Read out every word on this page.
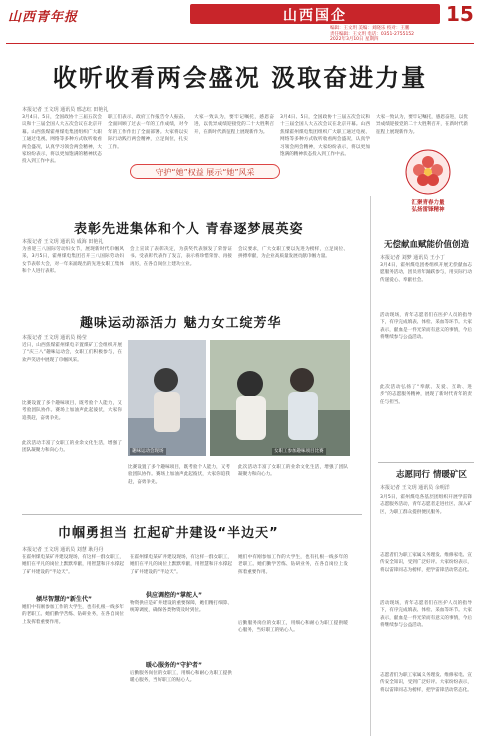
山西青年报	山西国企	15
编辑：王文玥 美编：刘晓乐 校对：王鹏
责任编辑：王文玥 电话：0351-2755152
2022年3月10日 星期四
收听收看两会盛况 汲取奋进力量
本报记者 王文玥 通讯员 邢志红 田艳礼
3月4日、5日，全国政协十三届五次会议和十三届全国人大五次会议在北京开幕。山西焦煤霍州煤电集团组织广大职工通过电视、网络等多种方式收听收看两会盛况，认真学习领会两会精神，大家纷纷表示，将以更加饱满的精神状态投入到工作中去。
职工们表示，政府工作报告令人振奋，全面回顾了过去一年的工作成绩，对今年的工作作出了全面部署。大家将以实际行动践行两会精神，立足岗位，扎实工作。
大家一致认为，要牢记嘱托，感恩奋进，以优异成绩迎接党的二十大胜利召开，在新时代新征程上展现新作为。
3月4日、5日，全国政协十三届五次会议和十三届全国人大五次会议在北京开幕。山西焦煤霍州煤电集团组织广大职工通过电视、网络等多种方式收听收看两会盛况，认真学习领会两会精神，大家纷纷表示，将以更加饱满的精神状态投入到工作中去。
大家一致认为，要牢记嘱托，感恩奋进，以优异成绩迎接党的二十大胜利召开，在新时代新征程上展现新作为。
守护“她”权益 展示“她”风采
汇聚青春力量
弘扬雷锋精神
表彰先进集体和个人 青春逐梦展英姿
本报记者 王文玥 通讯员 成海 田艳礼
为喜迎三八国际劳动妇女节，展现新时代巾帼风采，3月5日，霍州煤电集团召开三八国际劳动妇女节表彰大会，对一年来涌现出的先进女职工集体和个人进行表彰。
会上宣读了表彰决定，为获奖代表颁发了荣誉证书。受表彰代表作了发言，表示将珍惜荣誉、再接再厉，在各自岗位上建功立业。
会议要求，广大女职工要以先进为榜样，立足岗位、拼搏奉献，为企业高质量发展贡献巾帼力量。
趣味运动添活力 魅力女工绽芳华
本报记者 王文玥 通讯员 杨莹
近日，山西焦煤霍州煤电辛置煤矿工会组织开展了“庆三八”趣味运动会，女职工们积极参与，在欢声笑语中展现了巾帼风采。
比赛设置了多个趣味项目，既考验个人能力，又考验团队协作。赛场上加油声此起彼伏，大家你追我赶，奋勇争先。
此次活动丰富了女职工的业余文化生活，增强了团队凝聚力和向心力。	趣味运动会现场	女职工参加趣味项目比赛
比赛设置了多个趣味项目，既考验个人能力，又考验团队协作。赛场上加油声此起彼伏，大家你追我赶，奋勇争先。
此次活动丰富了女职工的业余文化生活，增强了团队凝聚力和向心力。
巾帼勇担当 扛起矿井建设“半边天”
本报记者 王文玥 通讯员 刘慧 耿丹丹
在霍州煤电某矿井建设现场，有这样一群女职工，她们在平凡的岗位上默默奉献，用智慧和汗水撑起了矿井建设的“半边天”。
倾尽智慧的“新生代”
她们中有刚参加工作的大学生，也有扎根一线多年的老职工。她们勤学苦练、钻研业务，在各自岗位上发挥着重要作用。
在霍州煤电某矿井建设现场，有这样一群女职工，她们在平凡的岗位上默默奉献，用智慧和汗水撑起了矿井建设的“半边天”。
供应调控的“掌舵人”
物资供应是矿井建设的重要保障，她们精打细算、统筹调度，确保各类物资及时到位。
暖心服务的“守护者”
后勤服务岗位的女职工，用细心和耐心为职工提供暖心服务，当好职工的贴心人。
她们中有刚参加工作的大学生，也有扎根一线多年的老职工。她们勤学苦练、钻研业务，在各自岗位上发挥着重要作用。
后勤服务岗位的女职工，用细心和耐心为职工提供暖心服务，当好职工的贴心人。
无偿献血赋能价值创造
本报记者 刘梦 通讯员 王小丁
3月4日，霍州煤电团委组织开展无偿献血志愿服务活动，团员青年踊跃参与，用实际行动传递爱心、奉献社会。
活动现场，青年志愿者们在医护人员的指导下，有序完成填表、体检、采血等环节。大家表示，献血是一件光荣而有意义的事情，今后将继续参与公益活动。
此次活动弘扬了“奉献、友爱、互助、进步”的志愿服务精神，展现了新时代青年的责任与担当。
志愿同行 情暖矿区
本报记者 王文玥 通讯员 余明洋
3月5日，霍州煤电各基层团组织开展学雷锋志愿服务活动，青年志愿者走进社区、深入矿区，为职工群众提供便民服务。
志愿者们为职工家属义务理发、维修家电、宣传安全知识，受到广泛好评。大家纷纷表示，将以雷锋同志为榜样，把学雷锋活动常态化。
活动现场，青年志愿者们在医护人员的指导下，有序完成填表、体检、采血等环节。大家表示，献血是一件光荣而有意义的事情，今后将继续参与公益活动。
志愿者们为职工家属义务理发、维修家电、宣传安全知识，受到广泛好评。大家纷纷表示，将以雷锋同志为榜样，把学雷锋活动常态化。
